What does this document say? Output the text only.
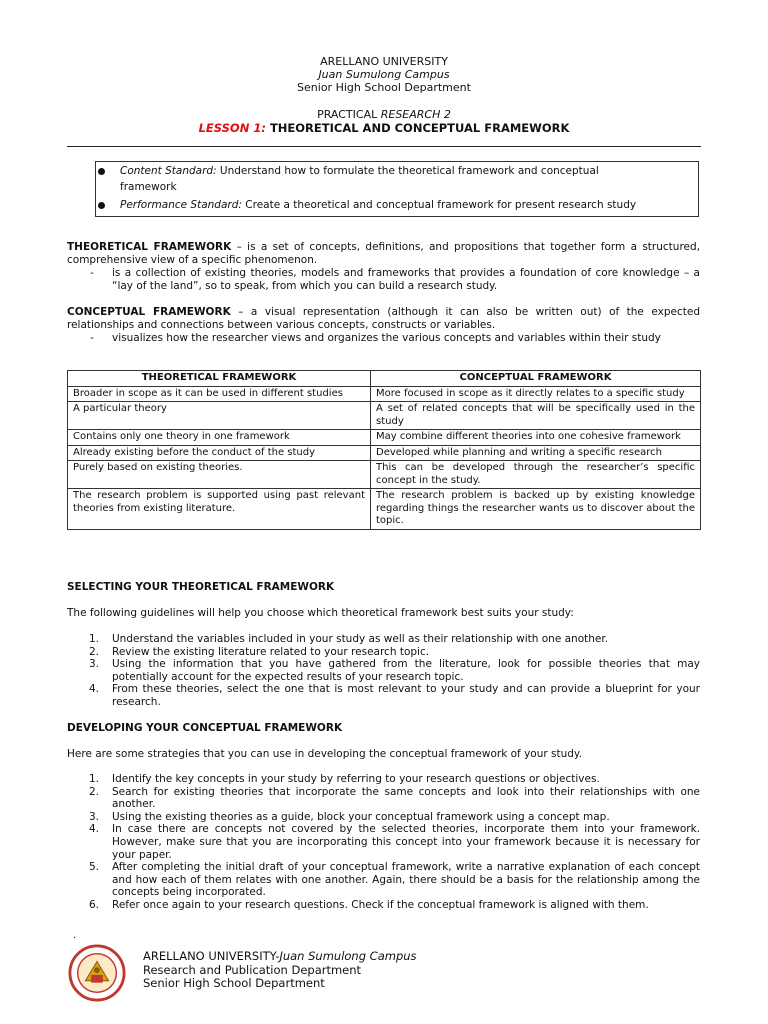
ARELLANO UNIVERSITY
Juan Sumulong Campus
Senior High School Department
PRACTICAL RESEARCH 2
LESSON 1: THEORETICAL AND CONCEPTUAL FRAMEWORK
Content Standard: Understand how to formulate the theoretical framework and conceptual
framework
Performance Standard: Create a theoretical and conceptual framework for present research study
THEORETICAL FRAMEWORK – is a set of concepts, definitions, and propositions that together form a structured, comprehensive view of a specific phenomenon.
- is a collection of existing theories, models and frameworks that provides a foundation of core knowledge – a “lay of the land”, so to speak, from which you can build a research study.
CONCEPTUAL FRAMEWORK – a visual representation (although it can also be written out) of the expected relationships and connections between various concepts, constructs or variables.
- visualizes how the researcher views and organizes the various concepts and variables within their study
THEORETICAL FRAMEWORK	CONCEPTUAL FRAMEWORK
Broader in scope as it can be used in different studies	More focused in scope as it directly relates to a specific study
A particular theory	A set of related concepts that will be specifically used in the study
Contains only one theory in one framework	May combine different theories into one cohesive framework
Already existing before the conduct of the study	Developed while planning and writing a specific research
Purely based on existing theories.	This can be developed through the researcher’s specific concept in the study.
The research problem is supported using past relevant theories from existing literature.	The research problem is backed up by existing knowledge regarding things the researcher wants us to discover about the topic.
SELECTING YOUR THEORETICAL FRAMEWORK
The following guidelines will help you choose which theoretical framework best suits your study:
1. Understand the variables included in your study as well as their relationship with one another.
2. Review the existing literature related to your research topic.
3. Using the information that you have gathered from the literature, look for possible theories that may potentially account for the expected results of your research topic.
4. From these theories, select the one that is most relevant to your study and can provide a blueprint for your research.
DEVELOPING YOUR CONCEPTUAL FRAMEWORK
Here are some strategies that you can use in developing the conceptual framework of your study.
1. Identify the key concepts in your study by referring to your research questions or objectives.
2. Search for existing theories that incorporate the same concepts and look into their relationships with one another.
3. Using the existing theories as a guide, block your conceptual framework using a concept map.
4. In case there are concepts not covered by the selected theories, incorporate them into your framework. However, make sure that you are incorporating this concept into your framework because it is necessary for your paper.
5. After completing the initial draft of your conceptual framework, write a narrative explanation of each concept and how each of them relates with one another. Again, there should be a basis for the relationship among the concepts being incorporated.
6. Refer once again to your research questions. Check if the conceptual framework is aligned with them.
.
ARELLANO UNIVERSITY-Juan Sumulong Campus
Research and Publication Department
Senior High School Department
